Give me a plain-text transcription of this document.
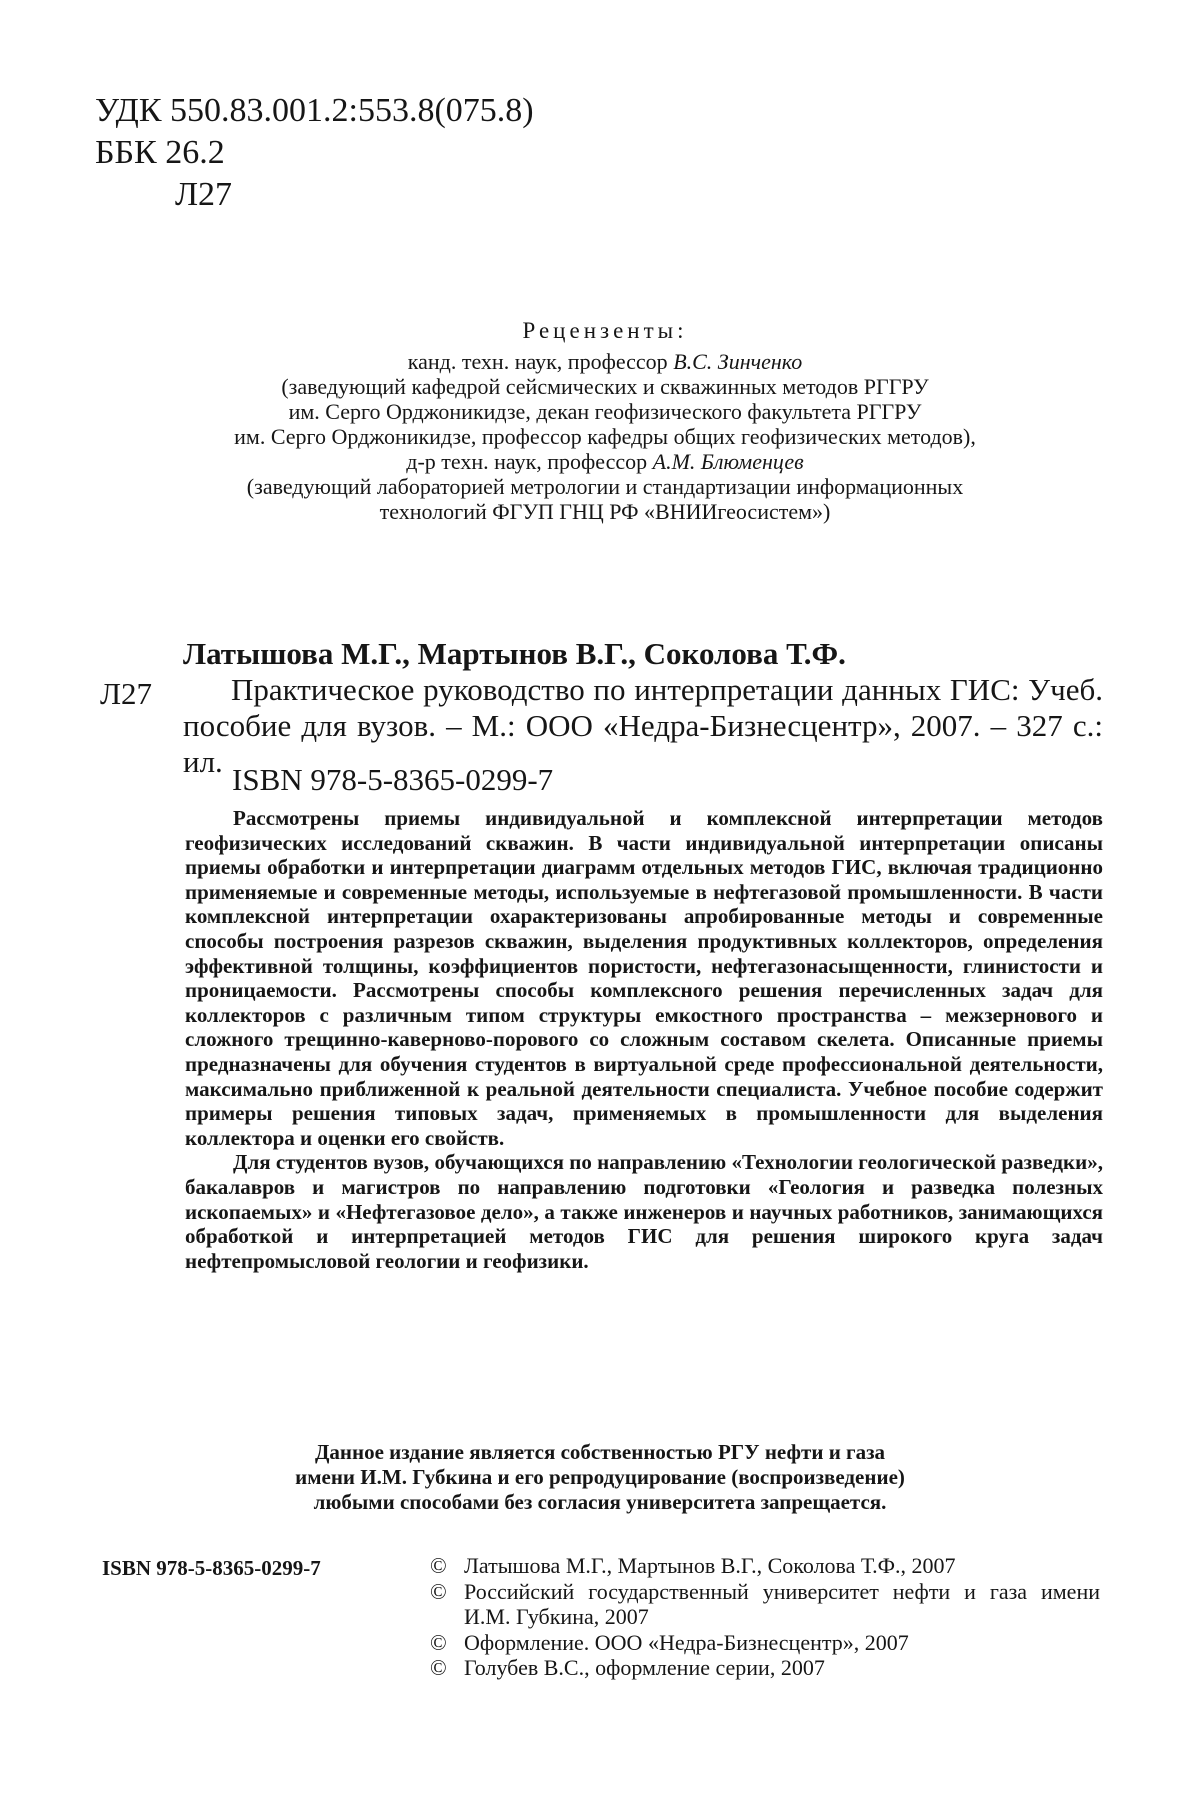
УДК 550.83.001.2:553.8(075.8)
ББК 26.2
Л27
Рецензенты:
канд. техн. наук, профессор В.С. Зинченко
(заведующий кафедрой сейсмических и скважинных методов РГГРУ
им. Серго Орджоникидзе, декан геофизического факультета РГГРУ
им. Серго Орджоникидзе, профессор кафедры общих геофизических методов),
д-р техн. наук, профессор А.М. Блюменцев
(заведующий лабораторией метрологии и стандартизации информационных
технологий ФГУП ГНЦ РФ «ВНИИгеосистем»)
Латышова М.Г., Мартынов В.Г., Соколова Т.Ф.
Л27	Практическое руководство по интерпретации данных ГИС: Учеб. пособие для вузов. – М.: ООО «Недра-Бизнесцентр», 2007. – 327 с.: ил.
ISBN 978-5-8365-0299-7

Рассмотрены приемы индивидуальной и комплексной интерпретации методов геофизических исследований скважин. В части индивидуальной интерпретации описаны приемы обработки и интерпретации диаграмм отдельных методов ГИС, включая традиционно применяемые и современные методы, используемые в нефтегазовой промышленности. В части комплексной интерпретации охарактеризованы апробированные методы и современные способы построения разрезов скважин, выделения продуктивных коллекторов, определения эффективной толщины, коэффициентов пористости, нефтегазонасыщенности, глинистости и проницаемости. Рассмотрены способы комплексного решения перечисленных задач для коллекторов с различным типом структуры емкостного пространства – межзернового и сложного трещинно-каверново-порового со сложным составом скелета. Описанные приемы предназначены для обучения студентов в виртуальной среде профессиональной деятельности, максимально приближенной к реальной деятельности специалиста. Учебное пособие содержит примеры решения типовых задач, применяемых в промышленности для выделения коллектора и оценки его свойств.

Для студентов вузов, обучающихся по направлению «Технологии геологической разведки», бакалавров и магистров по направлению подготовки «Геология и разведка полезных ископаемых» и «Нефтегазовое дело», а также инженеров и научных работников, занимающихся обработкой и интерпретацией методов ГИС для решения широкого круга задач нефтепромысловой геологии и геофизики.

Данное издание является собственностью РГУ нефти и газа
имени И.М. Губкина и его репродуцирование (воспроизведение)
любыми способами без согласия университета запрещается.
ISBN 978-5-8365-0299-7	© Латышова М.Г., Мартынов В.Г., Соколова Т.Ф., 2007
© Российский государственный университет нефти и газа имени И.М. Губкина, 2007
© Оформление. ООО «Недра-Бизнесцентр», 2007
© Голубев В.С., оформление серии, 2007
